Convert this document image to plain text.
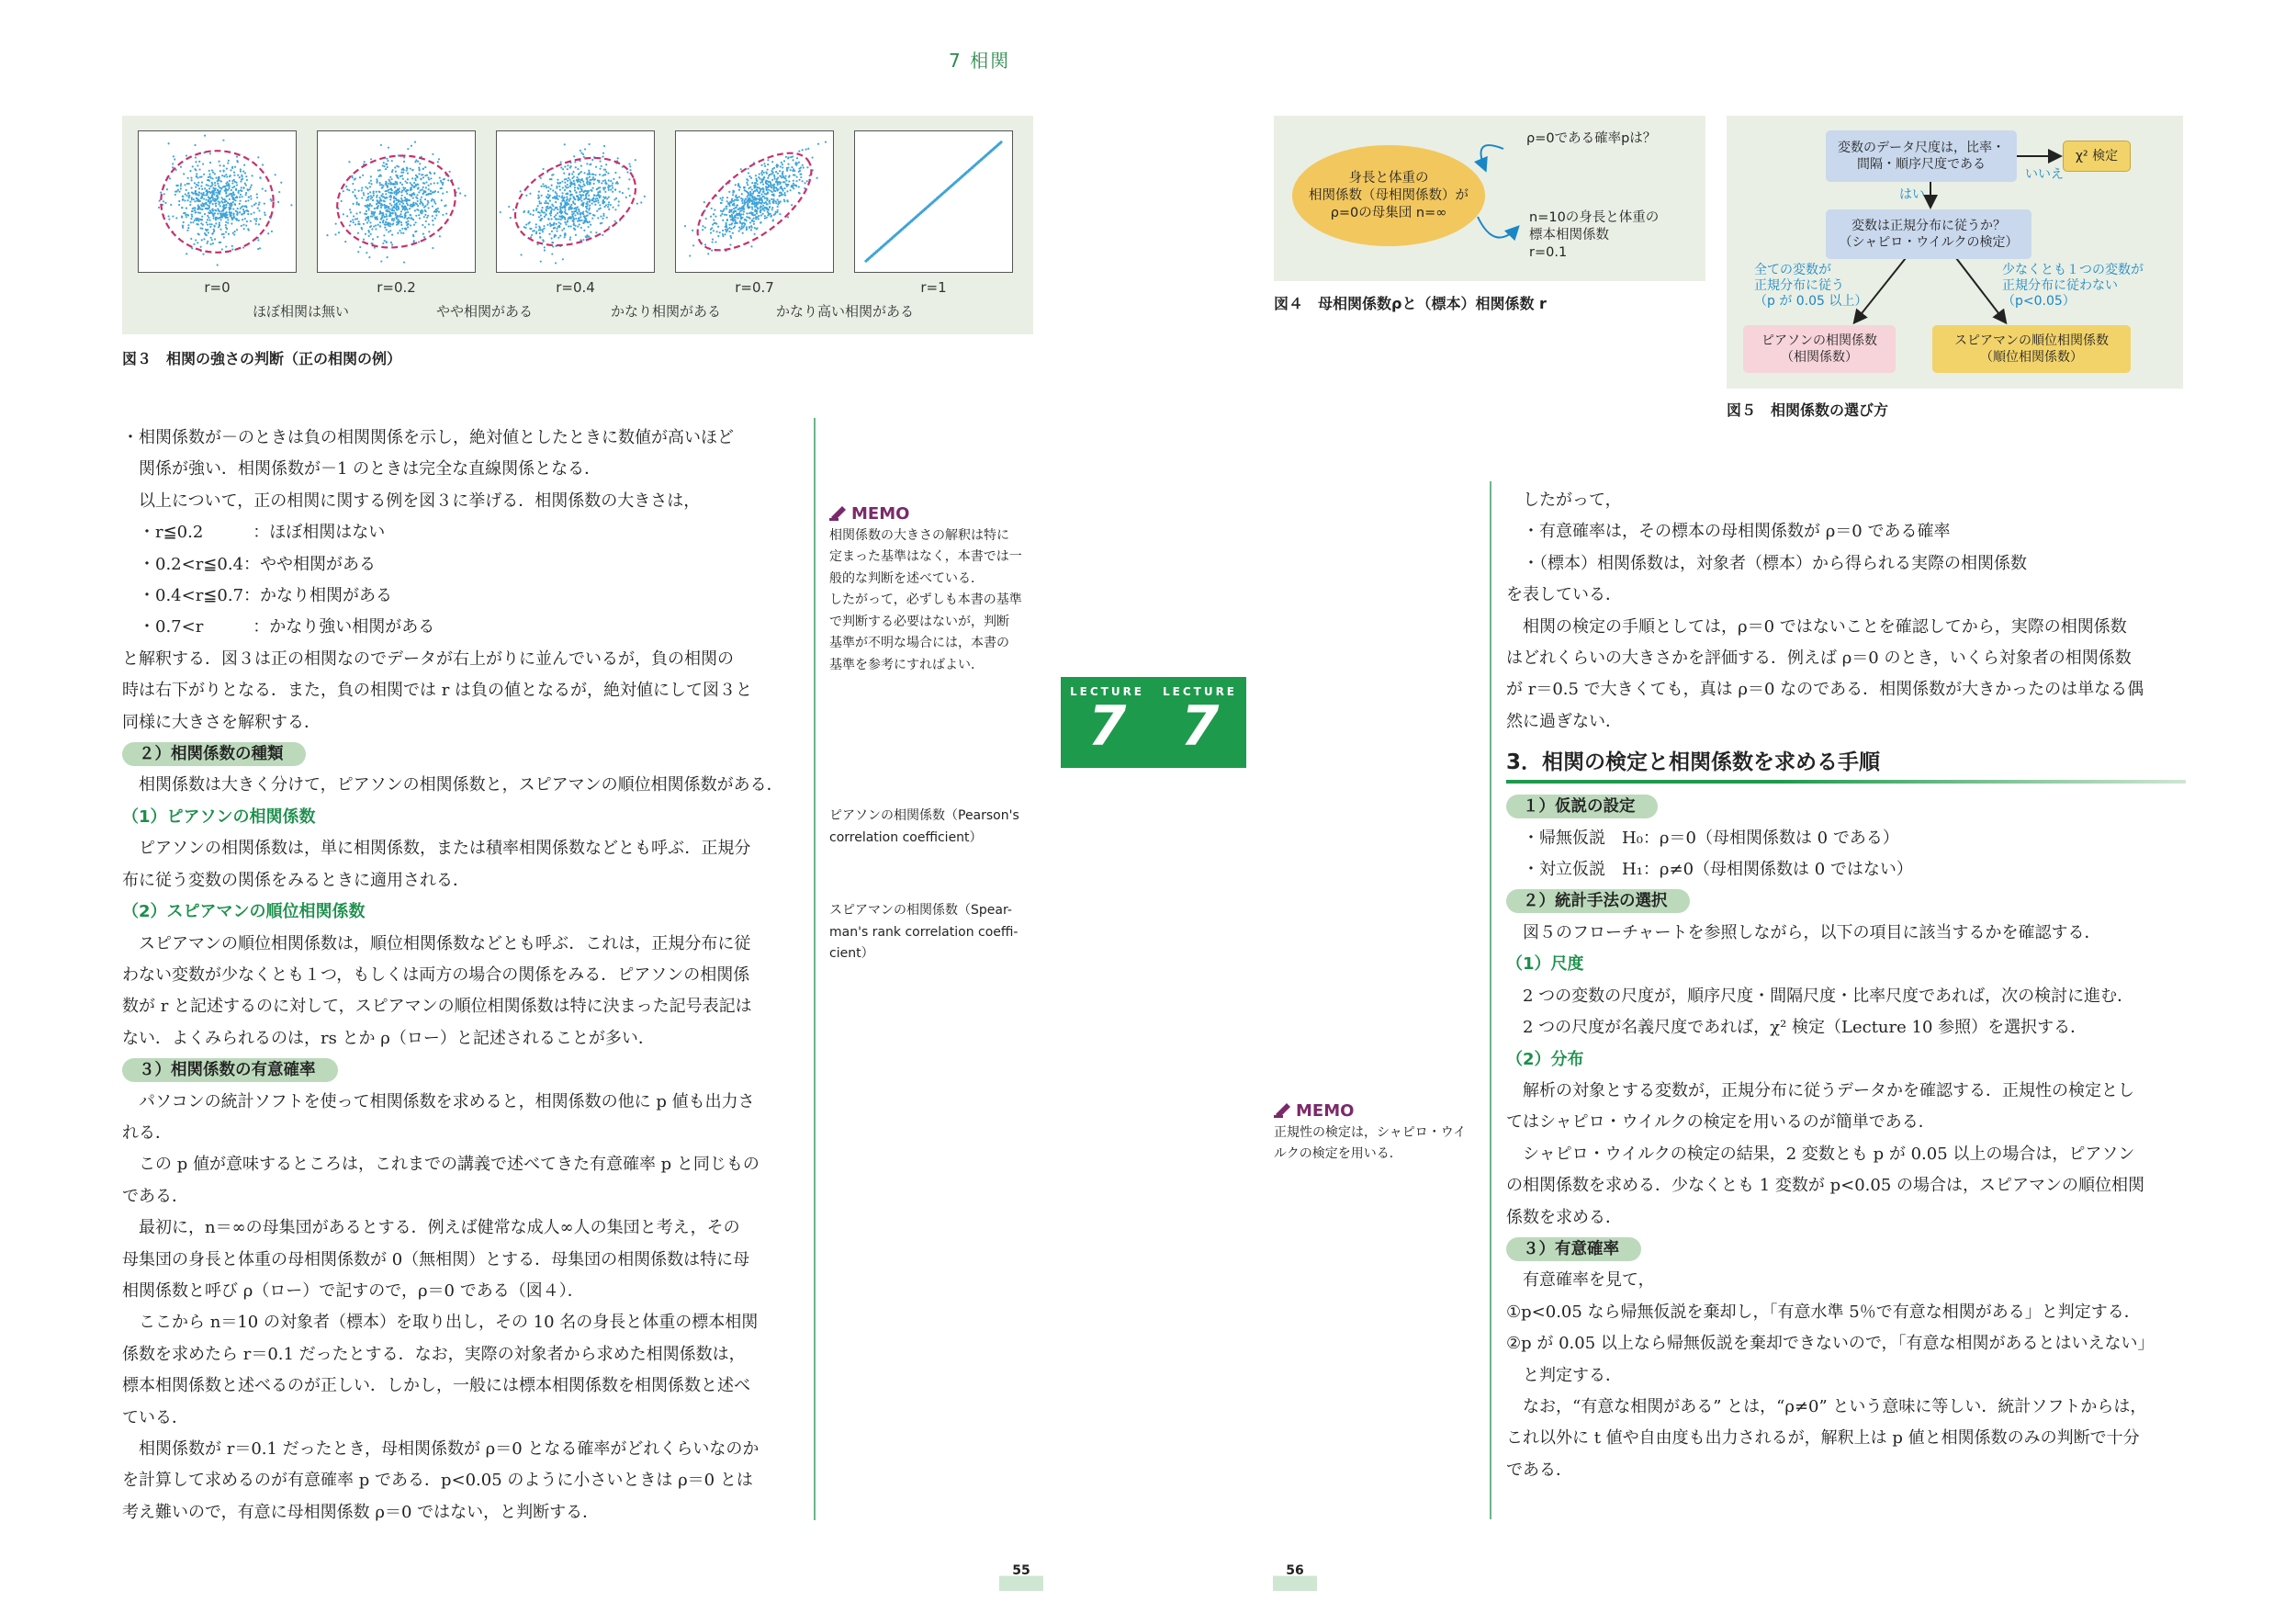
7 相関
ほぼ相関は無い	やや相関がある	かなり相関がある	かなり高い相関がある
r=0	r=0.2	r=0.4	r=0.7	r=1
図３　相関の強さの判断（正の相関の例）
身長と体重の
相関係数（母相関係数）が
ρ=0の母集団 n=∞
ρ=0である確率pは？
n=10の身長と体重の
標本相関係数
r=0.1
図４　母相関係数ρと（標本）相関係数 r
変数のデータ尺度は，比率・
間隔・順序尺度である
χ² 検定
いいえ
はい
変数は正規分布に従うか？
（シャピロ・ウイルクの検定）
全ての変数が
正規分布に従う
（p が 0.05 以上）
少なくとも１つの変数が
正規分布に従わない
（p<0.05）
ピアソンの相関係数
（相関係数）
スピアマンの順位相関係数
（順位相関係数）
図５　相関係数の選び方

・相関係数が－のときは負の相関関係を示し，絶対値としたときに数値が高いほど

　関係が強い．相関係数が－1 のときは完全な直線関係となる．

　以上について，正の相関に関する例を図３に挙げる．相関係数の大きさは，

　・r≦0.2　　　：ほぼ相関はない

　・0.2<r≦0.4：やや相関がある

　・0.4<r≦0.7：かなり相関がある

　・0.7<r　　　：かなり強い相関がある

と解釈する．図３は正の相関なのでデータが右上がりに並んでいるが，負の相関の

時は右下がりとなる．また，負の相関では r は負の値となるが，絶対値にして図３と

同様に大きさを解釈する．

２）相関係数の種類

　相関係数は大きく分けて，ピアソンの相関係数と，スピアマンの順位相関係数がある．

（1）ピアソンの相関係数

　ピアソンの相関係数は，単に相関係数，または積率相関係数などとも呼ぶ．正規分

布に従う変数の関係をみるときに適用される．

（2）スピアマンの順位相関係数

　スピアマンの順位相関係数は，順位相関係数などとも呼ぶ．これは，正規分布に従

わない変数が少なくとも１つ，もしくは両方の場合の関係をみる．ピアソンの相関係

数が r と記述するのに対して，スピアマンの順位相関係数は特に決まった記号表記は

ない．よくみられるのは，rs とか ρ（ロー）と記述されることが多い．

３）相関係数の有意確率

　パソコンの統計ソフトを使って相関係数を求めると，相関係数の他に p 値も出力さ

れる．

　この p 値が意味するところは，これまでの講義で述べてきた有意確率 p と同じもの

である．

　最初に，n＝∞の母集団があるとする．例えば健常な成人∞人の集団と考え，その

母集団の身長と体重の母相関係数が 0（無相関）とする．母集団の相関係数は特に母

相関係数と呼び ρ（ロー）で記すので，ρ＝0 である（図４）．

　ここから n＝10 の対象者（標本）を取り出し，その 10 名の身長と体重の標本相関

係数を求めたら r＝0.1 だったとする．なお，実際の対象者から求めた相関係数は，

標本相関係数と述べるのが正しい．しかし，一般には標本相関係数を相関係数と述べ

ている．

　相関係数が r＝0.1 だったとき，母相関係数が ρ＝0 となる確率がどれくらいなのか

を計算して求めるのが有意確率 p である．p<0.05 のように小さいときは ρ＝0 とは

考え難いので，有意に母相関係数 ρ＝0 ではない，と判断する．

MEMO
相関係数の大きさの解釈は特に
定まった基準はなく，本書では一
般的な判断を述べている．
したがって，必ずしも本書の基準
で判断する必要はないが，判断
基準が不明な場合には，本書の
基準を参考にすればよい．
ピアソンの相関係数（Pearson's
correlation coefficient）
スピアマンの相関係数（Spear-
man's rank correlation coeffi-
cient）
LECTURE
7
LECTURE
7
MEMO
正規性の検定は，シャピロ・ウイ
ルクの検定を用いる．

　したがって，

　・有意確率は，その標本の母相関係数が ρ＝0 である確率

　・（標本）相関係数は，対象者（標本）から得られる実際の相関係数

を表している．

　相関の検定の手順としては，ρ＝0 ではないことを確認してから，実際の相関係数

はどれくらいの大きさかを評価する．例えば ρ＝0 のとき，いくら対象者の相関係数

が r＝0.5 で大きくても，真は ρ＝0 なのである．相関係数が大きかったのは単なる偶

然に過ぎない．

3．相関の検定と相関係数を求める手順

１）仮説の設定

　・帰無仮説　H₀：ρ＝0（母相関係数は 0 である）

　・対立仮説　H₁：ρ≠0（母相関係数は 0 ではない）

２）統計手法の選択

　図５のフローチャートを参照しながら，以下の項目に該当するかを確認する．

（1）尺度

　2 つの変数の尺度が，順序尺度・間隔尺度・比率尺度であれば，次の検討に進む．

　2 つの尺度が名義尺度であれば，χ² 検定（Lecture 10 参照）を選択する．

（2）分布

　解析の対象とする変数が，正規分布に従うデータかを確認する．正規性の検定とし

てはシャピロ・ウイルクの検定を用いるのが簡単である．

　シャピロ・ウイルクの検定の結果，2 変数とも p が 0.05 以上の場合は，ピアソン

の相関係数を求める．少なくとも 1 変数が p<0.05 の場合は，スピアマンの順位相関

係数を求める．

３）有意確率

　有意確率を見て，

①p<0.05 なら帰無仮説を棄却し，「有意水準 5％で有意な相関がある」と判定する．

②p が 0.05 以上なら帰無仮説を棄却できないので，「有意な相関があるとはいえない」

　と判定する．

　なお，“有意な相関がある” とは，“ρ≠0” という意味に等しい．統計ソフトからは，

これ以外に t 値や自由度も出力されるが，解釈上は p 値と相関係数のみの判断で十分

である．

55	56
